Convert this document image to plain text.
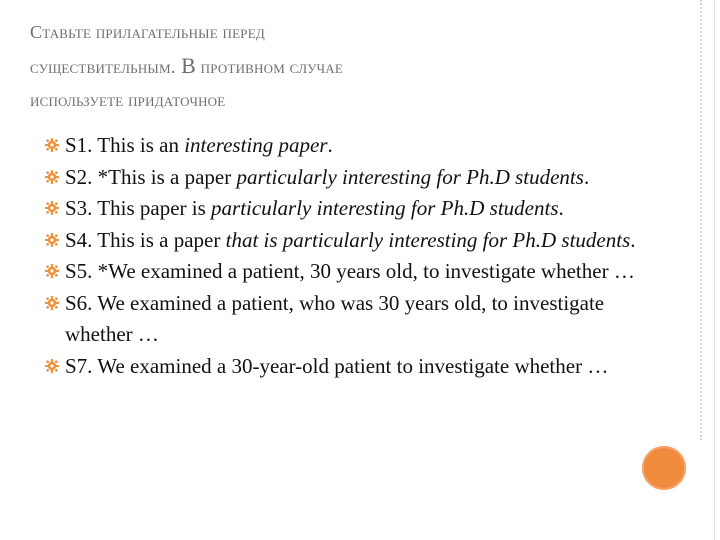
Ставьте прилагательные перед
существительным. В противном случае
используете придаточное
S1. This is an interesting paper.
S2. *This is a paper particularly interesting for Ph.D students.
S3. This paper is particularly interesting for Ph.D students.
S4. This is a paper that is particularly interesting for Ph.D students.
S5. *We examined a patient, 30 years old, to investigate whether …
S6. We examined a patient, who was 30 years old, to investigate whether …
S7. We examined a 30-year-old patient to investigate whether …
